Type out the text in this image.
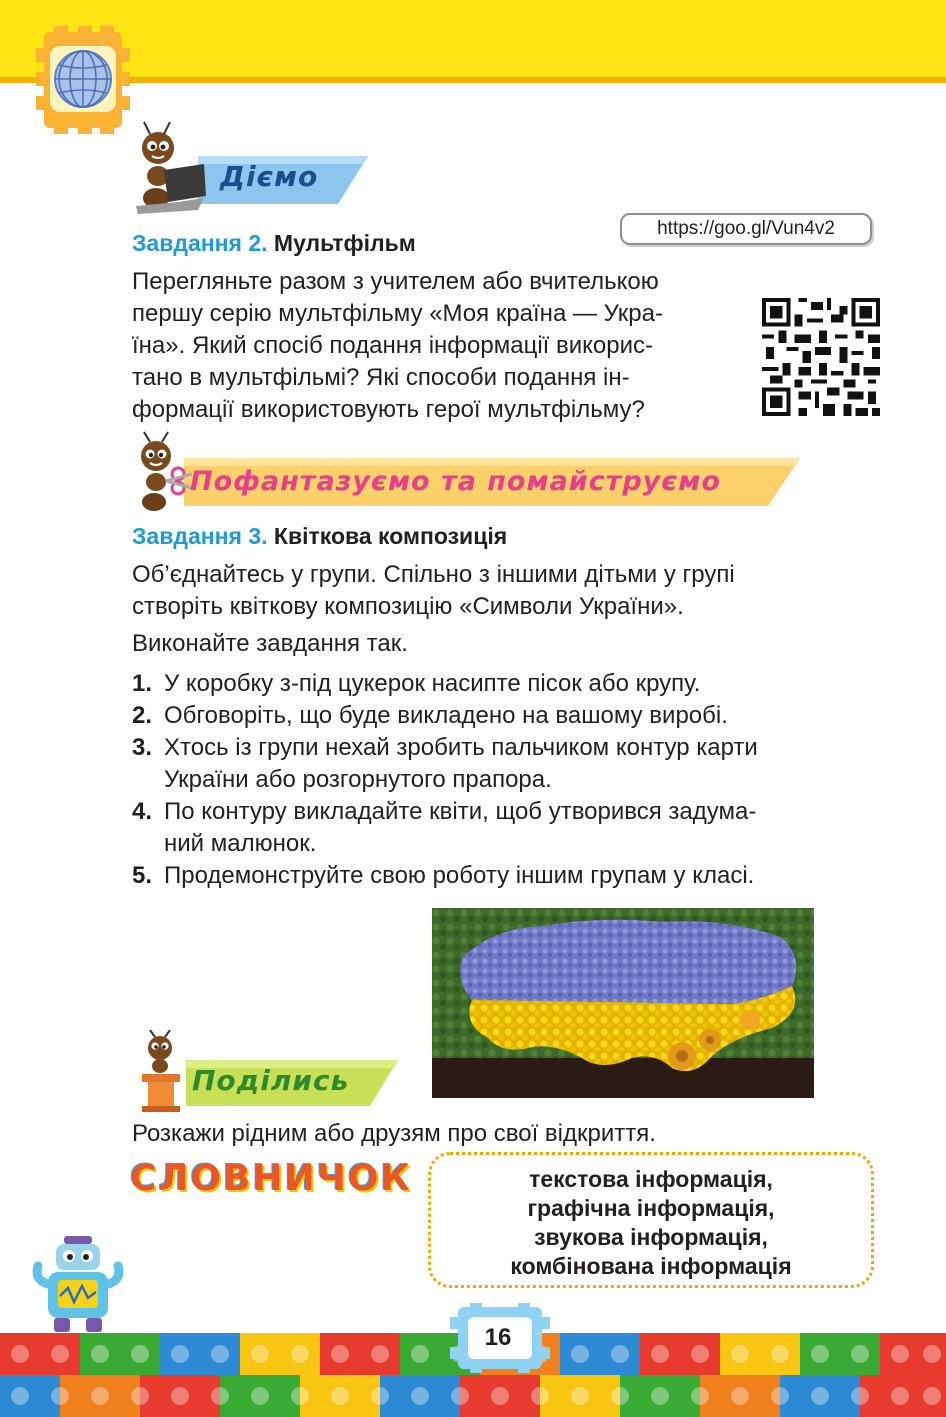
Дiємо
https://goo.gl/Vun4v2
Завдання 2. Мультфільм
Перегляньте разом з учителем або вчителькою
першу серію мультфільму «Моя країна — Укра-
їна». Який спосіб подання інформації викорис-
тано в мультфільмі? Які способи подання ін-
формації використовують герої мультфільму?
Пофантазуємо та помайструємо
Завдання 3. Квіткова композиція
Об’єднайтесь у групи. Спільно з іншими дітьми у групі
створіть квіткову композицію «Символи України».
Виконайте завдання так.
1. У коробку з-під цукерок насипте пісок або крупу.
2. Обговоріть, що буде викладено на вашому виробі.
3. Хтось із групи нехай зробить пальчиком контур карти
України або розгорнутого прапора.
4. По контуру викладайте квіти, щоб утворився задума-
ний малюнок.
5. Продемонструйте свою роботу іншим групам у класі.
Подiлись
Розкажи рідним або друзям про свої відкриття.
СЛОВНИЧОК	текстова інформація,
графічна інформація,
звукова інформація,
комбінована інформація
16
